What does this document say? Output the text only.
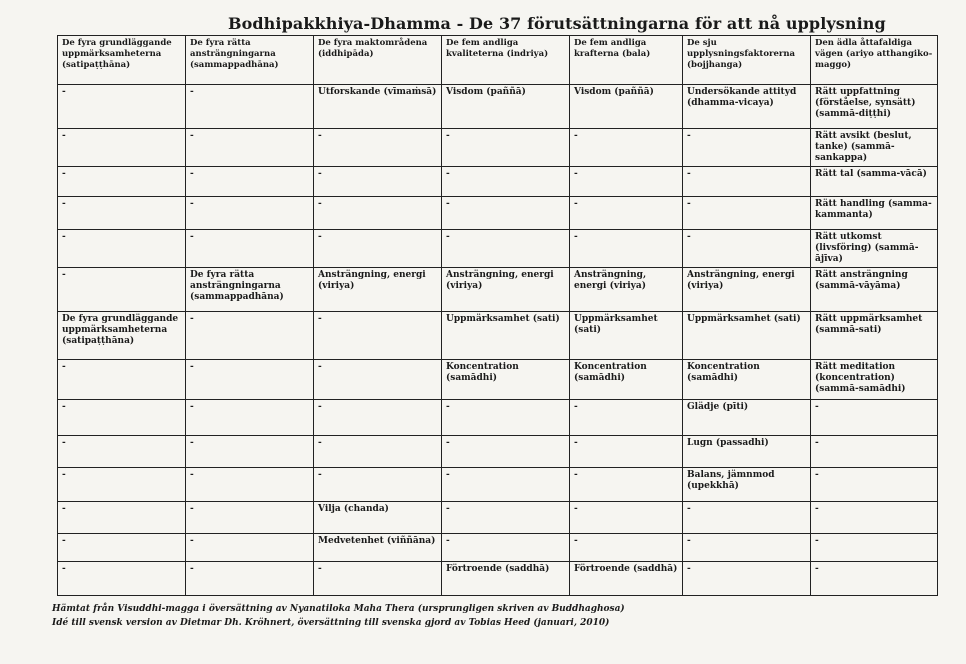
Bodhipakkhiya-Dhamma - De 37 förutsättningarna för att nå upplysning
De fyra grundläggande uppmärksamheterna (satipaṭṭhāna)	De fyra rätta ansträngningarna (sammappadhāna)	De fyra maktområdena (iddhipāda)	De fem andliga kvaliteterna (indriya)	De fem andliga krafterna (bala)	De sju upplysningsfaktorerna (bojjhanga)	Den ädla åttafaldiga vägen (ariyo atthangiko-maggo)
-	-	Utforskande (vīmaṁsā)	Visdom (paññā)	Visdom (paññā)	Undersökande attityd (dhamma-vicaya)	Rätt uppfattning (förståelse, synsätt) (sammā-diṭṭhi)
-	-	-	-	-	-	Rätt avsikt (beslut, tanke) (sammā-sankappa)
-	-	-	-	-	-	Rätt tal (samma-vācā)
-	-	-	-	-	-	Rätt handling (samma-kammanta)
-	-	-	-	-	-	Rätt utkomst (livsföring) (sammā-ājīva)
-	De fyra rätta ansträngningarna (sammappadhāna)	Ansträngning, energi (viriya)	Ansträngning, energi (viriya)	Ansträngning, energi (viriya)	Ansträngning, energi (viriya)	Rätt ansträngning (sammā-vāyāma)
De fyra grundläggande uppmärksamheterna (satipaṭṭhāna)	-	-	Uppmärksamhet (sati)	Uppmärksamhet (sati)	Uppmärksamhet (sati)	Rätt uppmärksamhet (sammā-sati)
-	-	-	Koncentration (samādhi)	Koncentration (samādhi)	Koncentration (samādhi)	Rätt meditation (koncentration) (sammā-samādhi)
-	-	-	-	-	Glädje (pīti)	-
-	-	-	-	-	Lugn (passadhi)	-
-	-	-	-	-	Balans, jämnmod (upekkhā)	-
-	-	Vilja (chanda)	-	-	-	-
-	-	Medvetenhet (viññāna)	-	-	-	-
-	-	-	Förtroende (saddhā)	Förtroende (saddhā)	-	-
Hämtat från Visuddhi-magga i översättning av Nyanatiloka Maha Thera (ursprungligen skriven av Buddhaghosa)
Idé till svensk version av Dietmar Dh. Kröhnert, översättning till svenska gjord av Tobias Heed (januari, 2010)
